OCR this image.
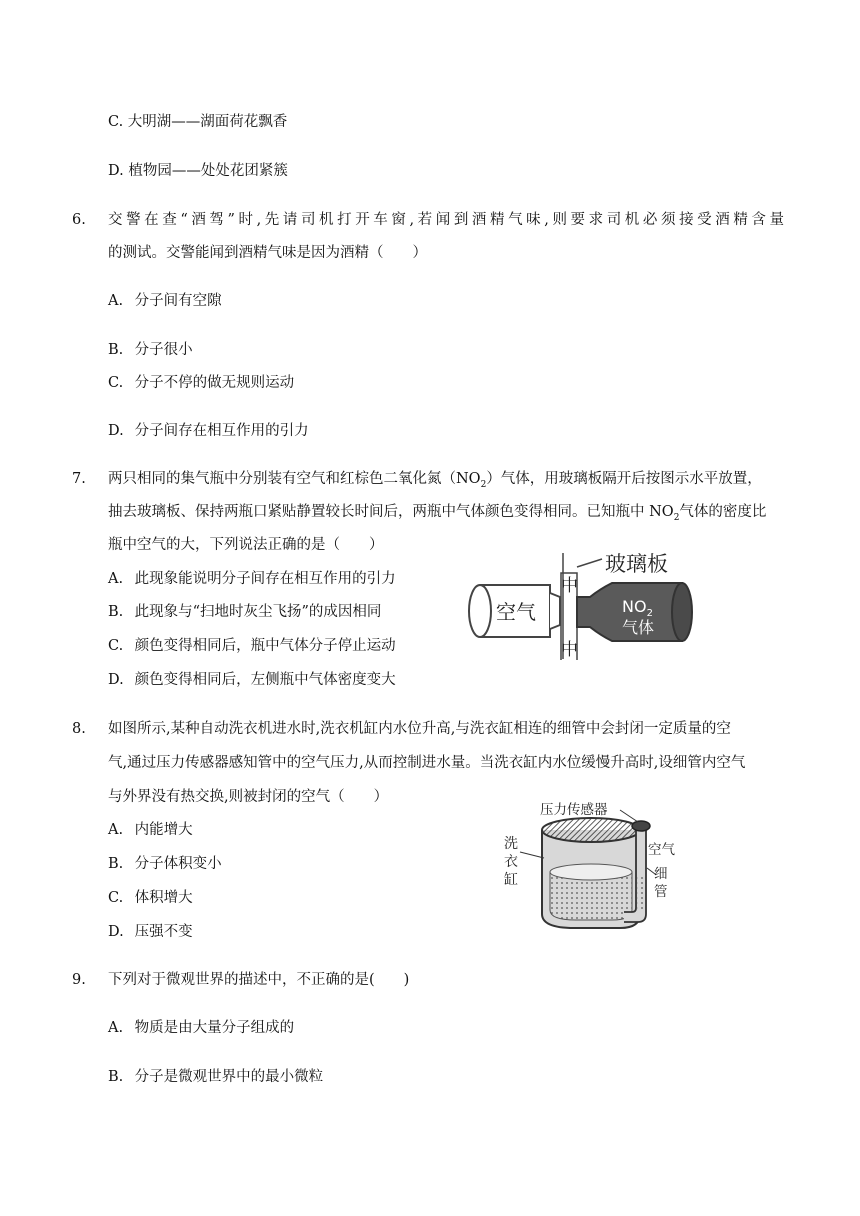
C. 大明湖——湖面荷花飘香
D. 植物园——处处花团紧簇
6. 交警在查“酒驾”时,先请司机打开车窗,若闻到酒精气味,则要求司机必须接受酒精含量
的测试。交警能闻到酒精气味是因为酒精（　　）
A. 分子间有空隙
B. 分子很小
C. 分子不停的做无规则运动
D. 分子间存在相互作用的引力
7. 两只相同的集气瓶中分别装有空气和红棕色二氧化氮$(NO_2)$气体，用玻璃板隔开后按图示水平放置，
抽去玻璃板、保持两瓶口紧贴静置较长时间后，两瓶中气体颜色变得相同。已知瓶中 $NO_2$气体的密度比
瓶中空气的大，下列说法正确的是（　　）
A. 此现象能说明分子间存在相互作用的引力
B. 此现象与“扫地时灰尘飞扬”的成因相同
C. 颜色变得相同后，瓶中气体分子停止运动
D. 颜色变得相同后，左侧瓶中气体密度变大
空气
中
中
玻璃板
$NO_2$
气体
8. 如图所示,某种自动洗衣机进水时,洗衣机缸内水位升高,与洗衣缸相连的细管中会封闭一定质量的空
气,通过压力传感器感知管中的空气压力,从而控制进水量。当洗衣缸内水位缓慢升高时,设细管内空气
与外界没有热交换,则被封闭的空气（　　）
A. 内能增大
B. 分子体积变小
C. 体积增大
D. 压强不变
洗
衣
缸
压力传感器
空气
细
管
9. 下列对于微观世界的描述中，不正确的是(　　)
A. 物质是由大量分子组成的
B. 分子是微观世界中的最小微粒
